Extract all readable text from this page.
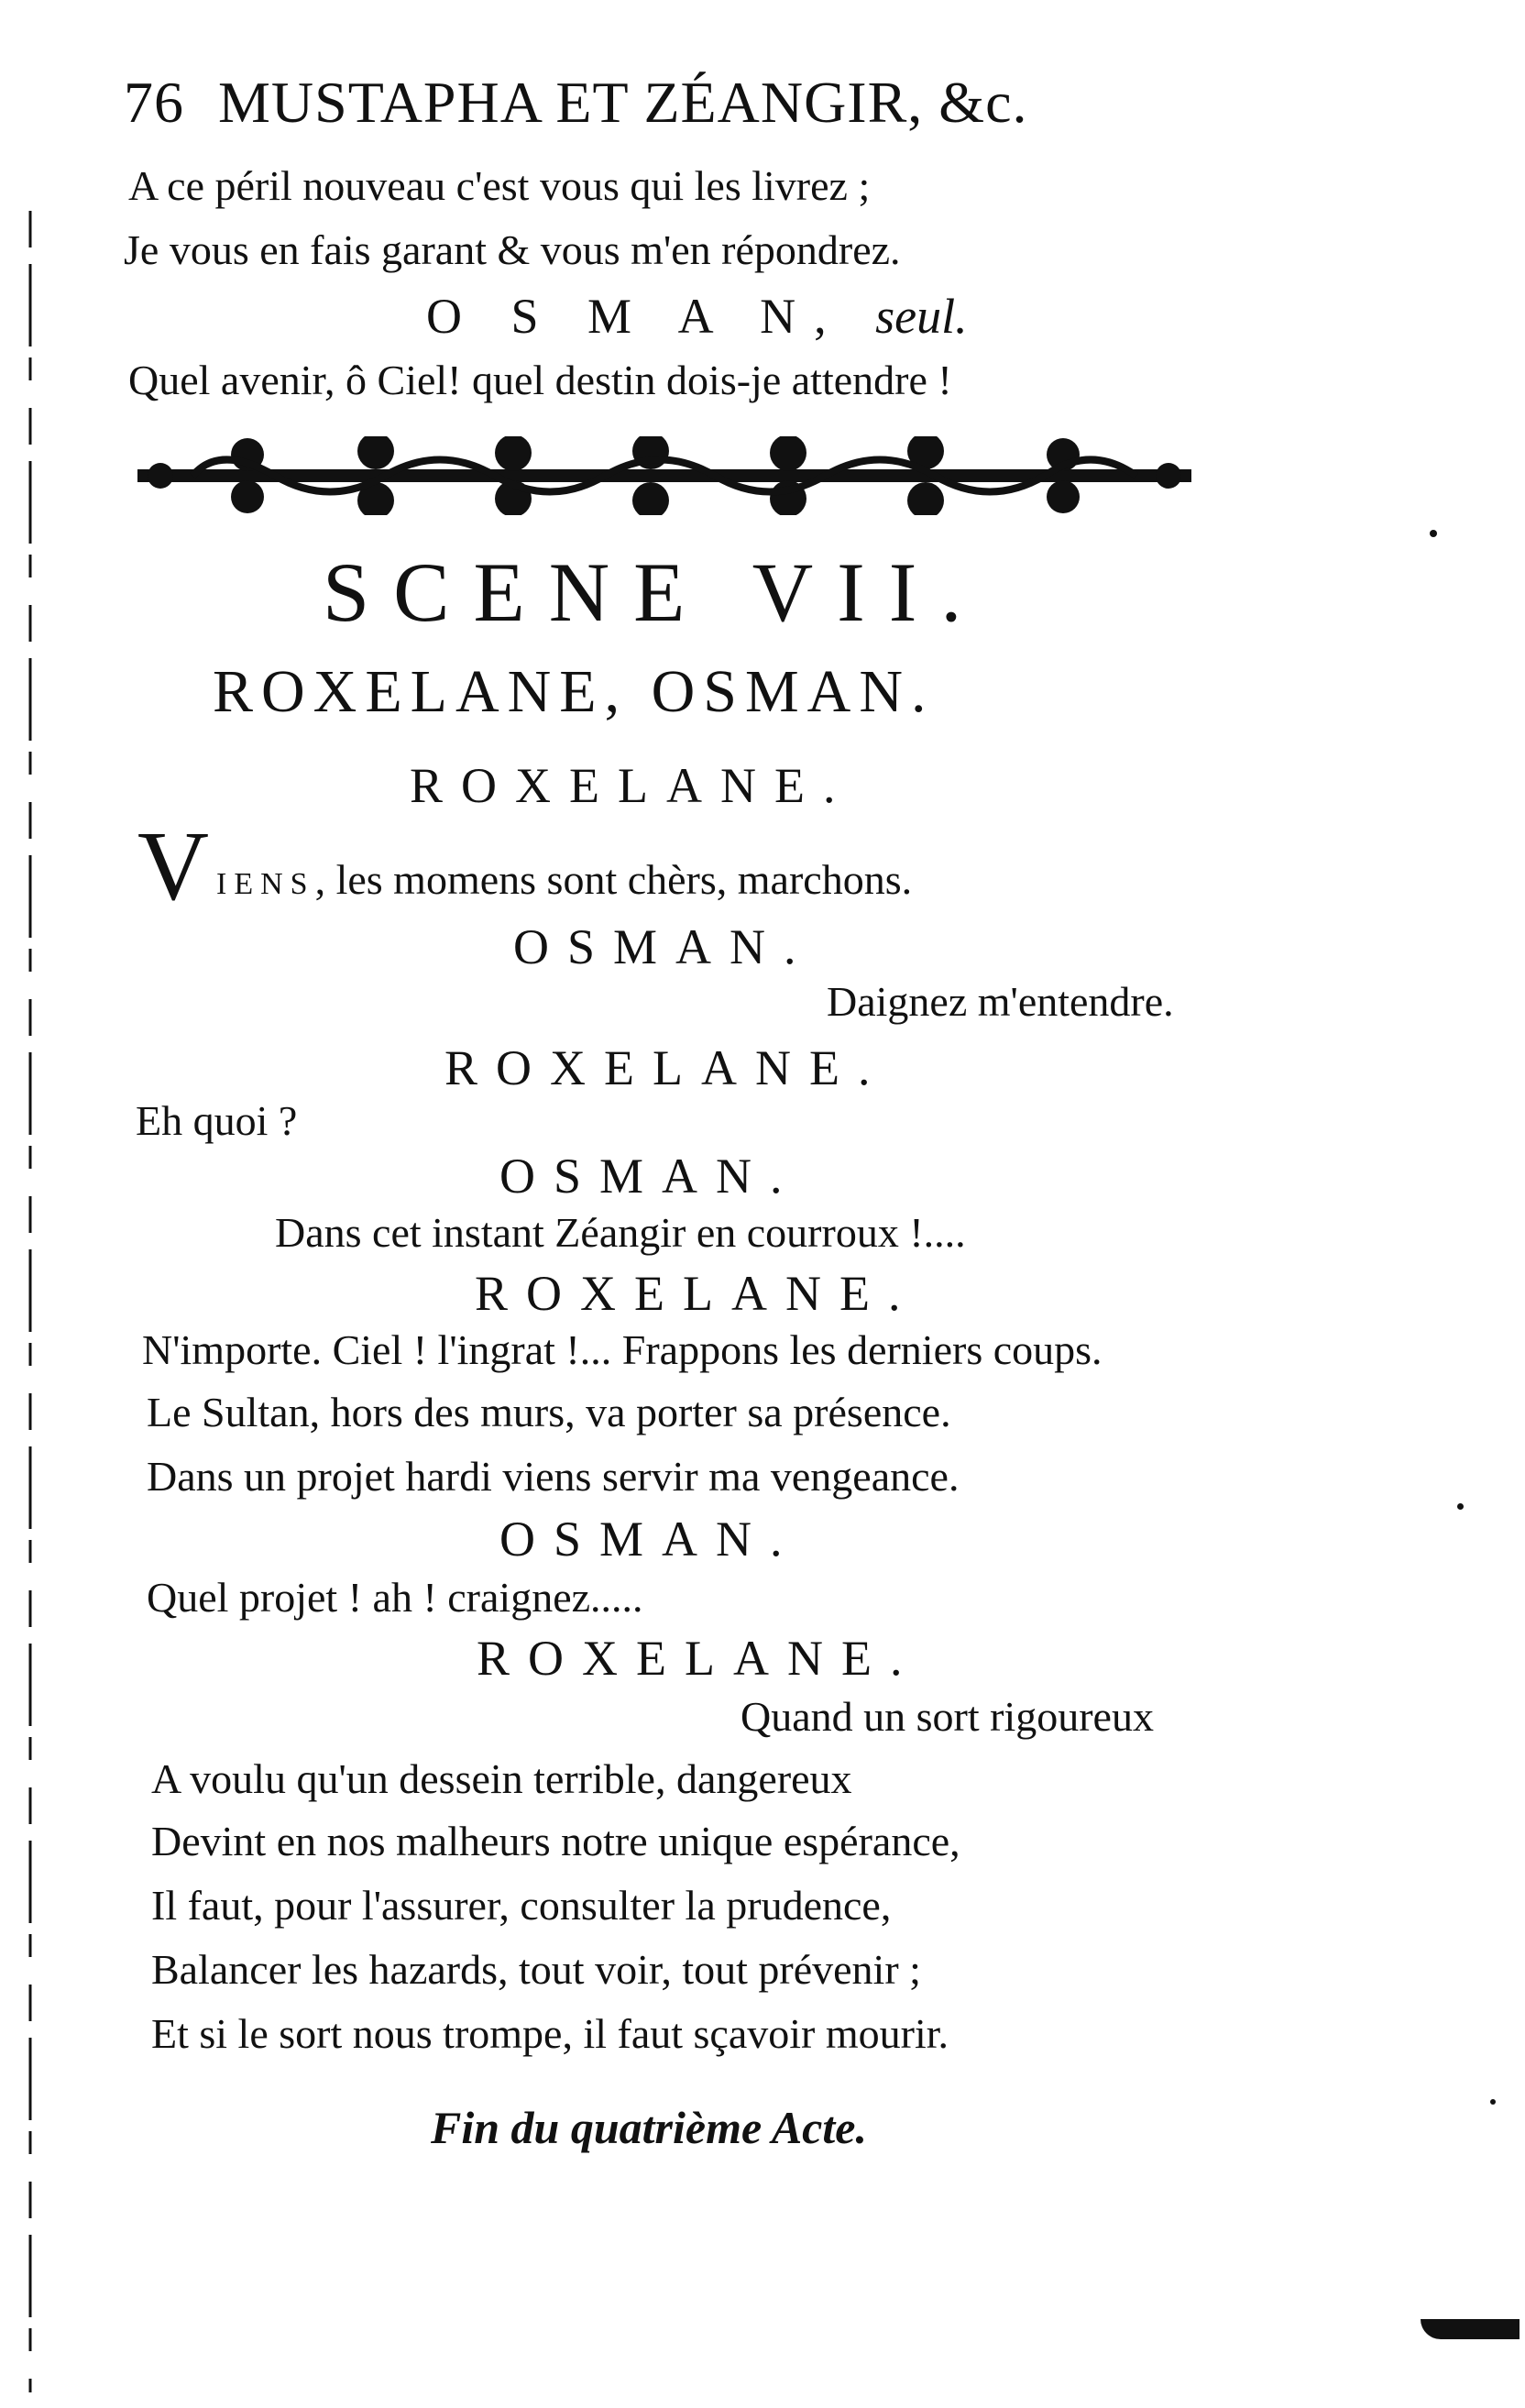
76 MUSTAPHA ET ZÉANGIR, &c.
A ce péril nouveau c'est vous qui les livrez ;
Je vous en fais garant & vous m'en répondrez.
O S M A N, seul.
Quel avenir, ô Ciel! quel destin dois-je attendre !
SCENE VII.
ROXELANE, OSMAN.
ROXELANE.
VIENS, les momens sont chèrs, marchons.
OSMAN.
Daignez m'entendre.
ROXELANE.
Eh quoi ?
OSMAN.
Dans cet instant Zéangir en courroux !....
ROXELANE.
N'importe. Ciel ! l'ingrat !... Frappons les derniers coups.
Le Sultan, hors des murs, va porter sa présence.
Dans un projet hardi viens servir ma vengeance.
OSMAN.
Quel projet ! ah ! craignez.....
ROXELANE.
Quand un sort rigoureux
A voulu qu'un dessein terrible, dangereux
Devint en nos malheurs notre unique espérance,
Il faut, pour l'assurer, consulter la prudence,
Balancer les hazards, tout voir, tout prévenir ;
Et si le sort nous trompe, il faut sçavoir mourir.
Fin du quatrième Acte.
